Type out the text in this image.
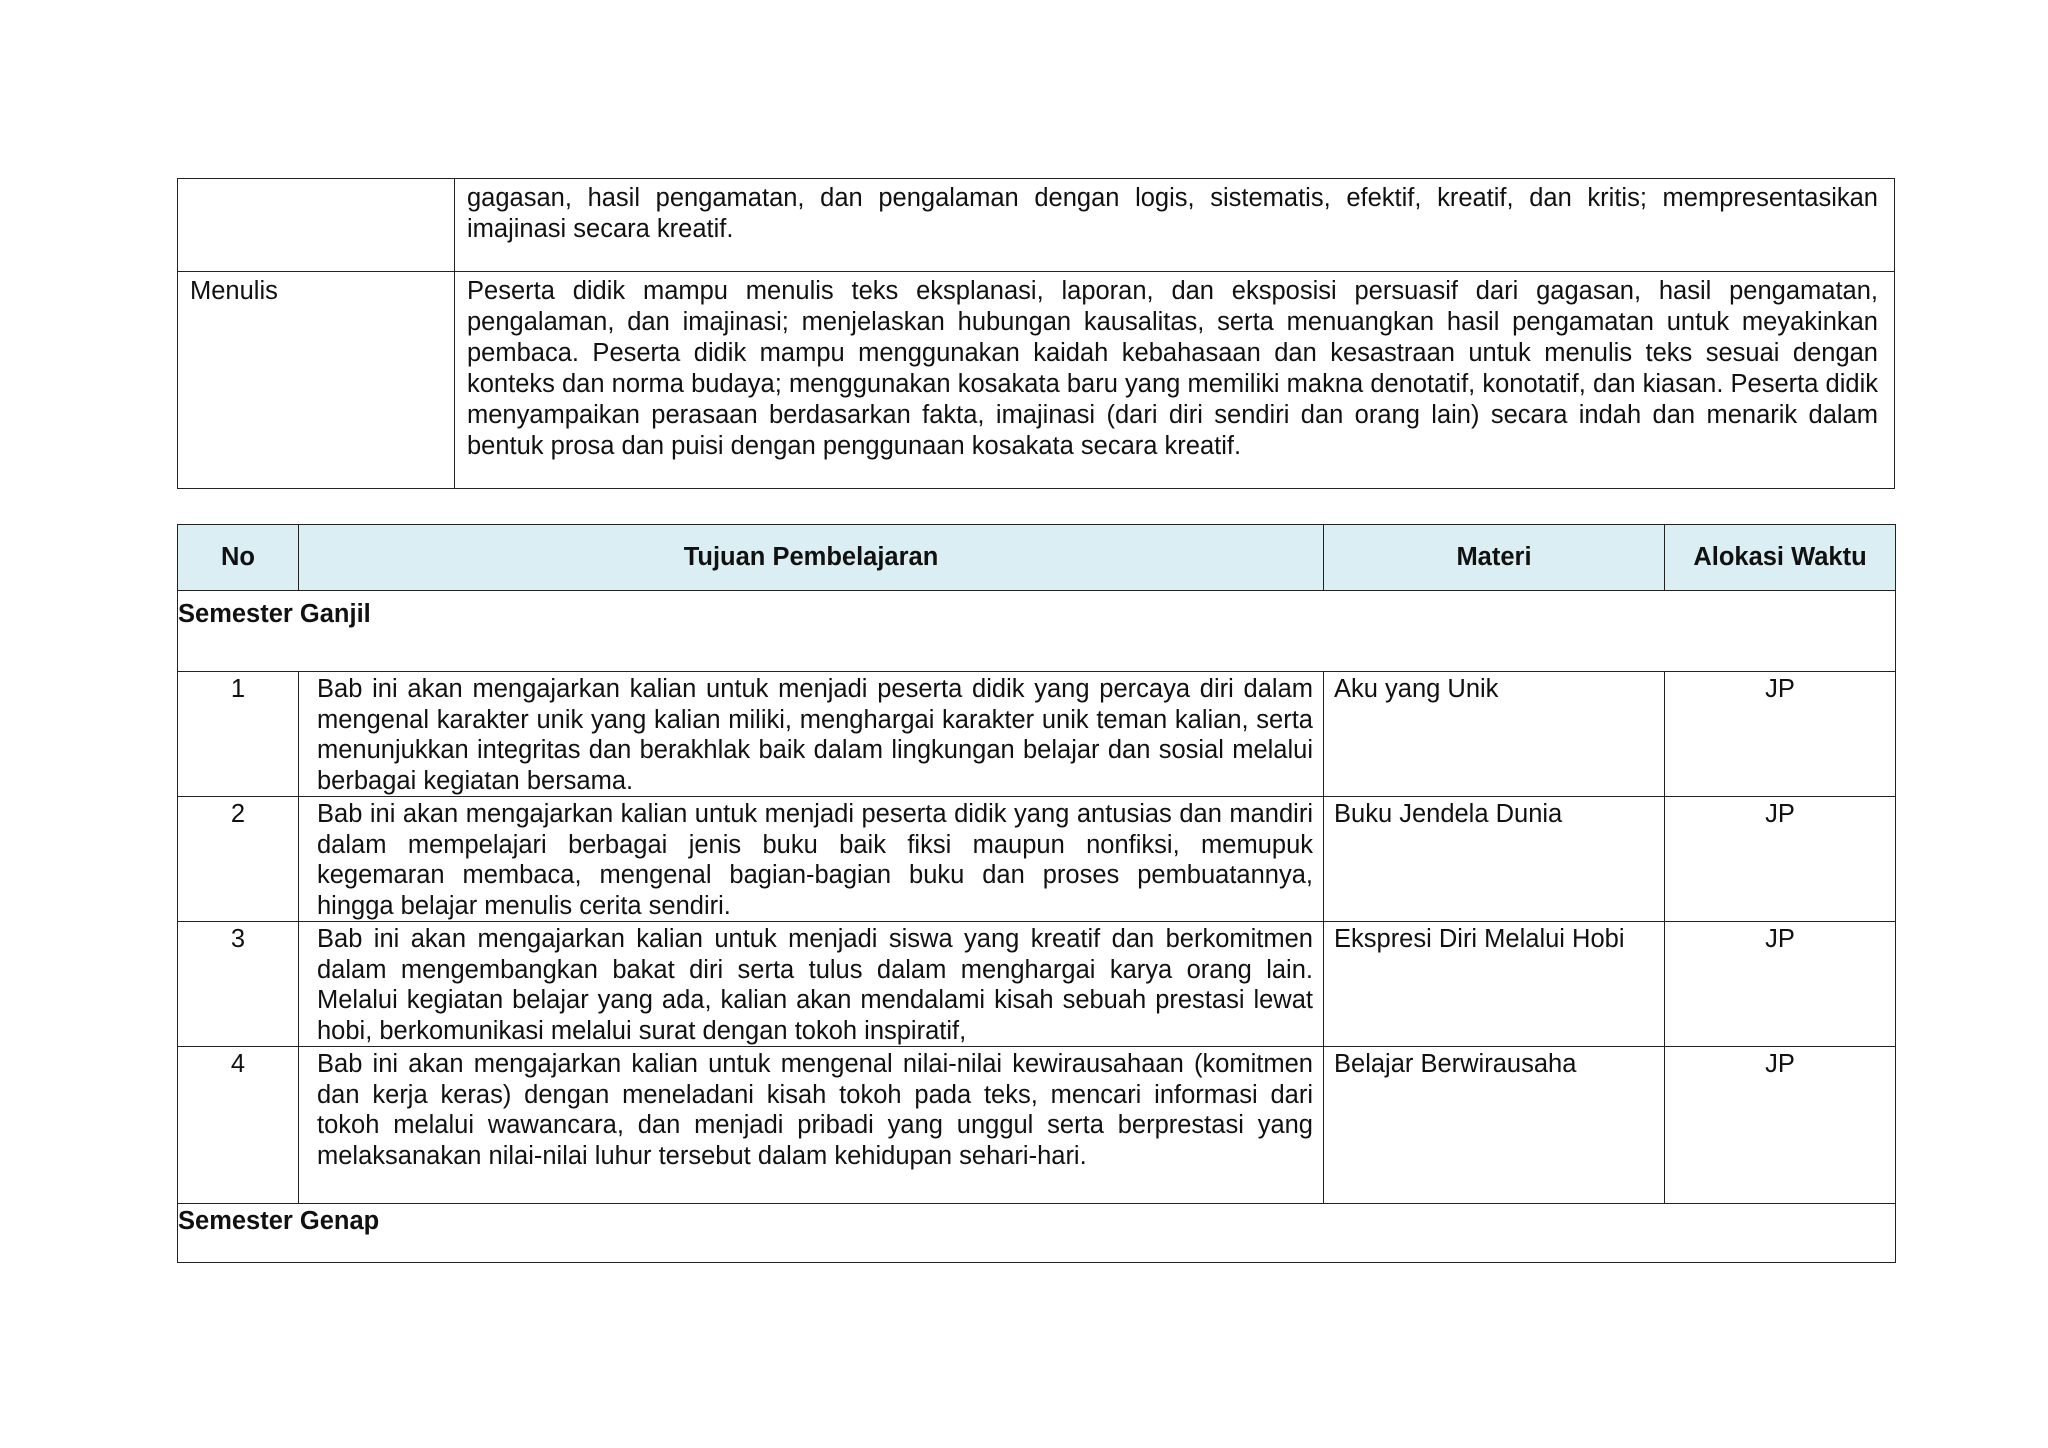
	gagasan, hasil pengamatan, dan pengalaman dengan logis, sistematis, efektif, kreatif, dan kritis; mempresentasikan imajinasi secara kreatif.
Menulis	Peserta didik mampu menulis teks eksplanasi, laporan, dan eksposisi persuasif dari gagasan, hasil pengamatan, pengalaman, dan imajinasi; menjelaskan hubungan kausalitas, serta menuangkan hasil pengamatan untuk meyakinkan pembaca. Peserta didik mampu menggunakan kaidah kebahasaan dan kesastraan untuk menulis teks sesuai dengan konteks dan norma budaya; menggunakan kosakata baru yang memiliki makna denotatif, konotatif, dan kiasan. Peserta didik menyampaikan perasaan berdasarkan fakta, imajinasi (dari diri sendiri dan orang lain) secara indah dan menarik dalam bentuk prosa dan puisi dengan penggunaan kosakata secara kreatif.
No	Tujuan Pembelajaran	Materi	Alokasi Waktu
Semester Ganjil			
1	Bab ini akan mengajarkan kalian untuk menjadi peserta didik yang percaya diri dalam mengenal karakter unik yang kalian miliki, menghargai karakter unik teman kalian, serta menunjukkan integritas dan berakhlak baik dalam lingkungan belajar dan sosial melalui berbagai kegiatan bersama.	Aku yang Unik	JP
2	Bab ini akan mengajarkan kalian untuk menjadi peserta didik yang antusias dan mandiri dalam mempelajari berbagai jenis buku baik fiksi maupun nonfiksi, memupuk kegemaran membaca, mengenal bagian-bagian buku dan proses pembuatannya, hingga belajar menulis cerita sendiri.	Buku Jendela Dunia	JP
3	Bab ini akan mengajarkan kalian untuk menjadi siswa yang kreatif dan berkomitmen dalam mengembangkan bakat diri serta tulus dalam menghargai karya orang lain. Melalui kegiatan belajar yang ada, kalian akan mendalami kisah sebuah prestasi lewat hobi, berkomunikasi melalui surat dengan tokoh inspiratif,	Ekspresi Diri Melalui Hobi	JP
4	Bab ini akan mengajarkan kalian untuk mengenal nilai-nilai kewirausahaan (komitmen dan kerja keras) dengan meneladani kisah tokoh pada teks, mencari informasi dari tokoh melalui wawancara, dan menjadi pribadi yang unggul serta berprestasi yang melaksanakan nilai-nilai luhur tersebut dalam kehidupan sehari-hari.	Belajar Berwirausaha	JP
Semester Genap			
